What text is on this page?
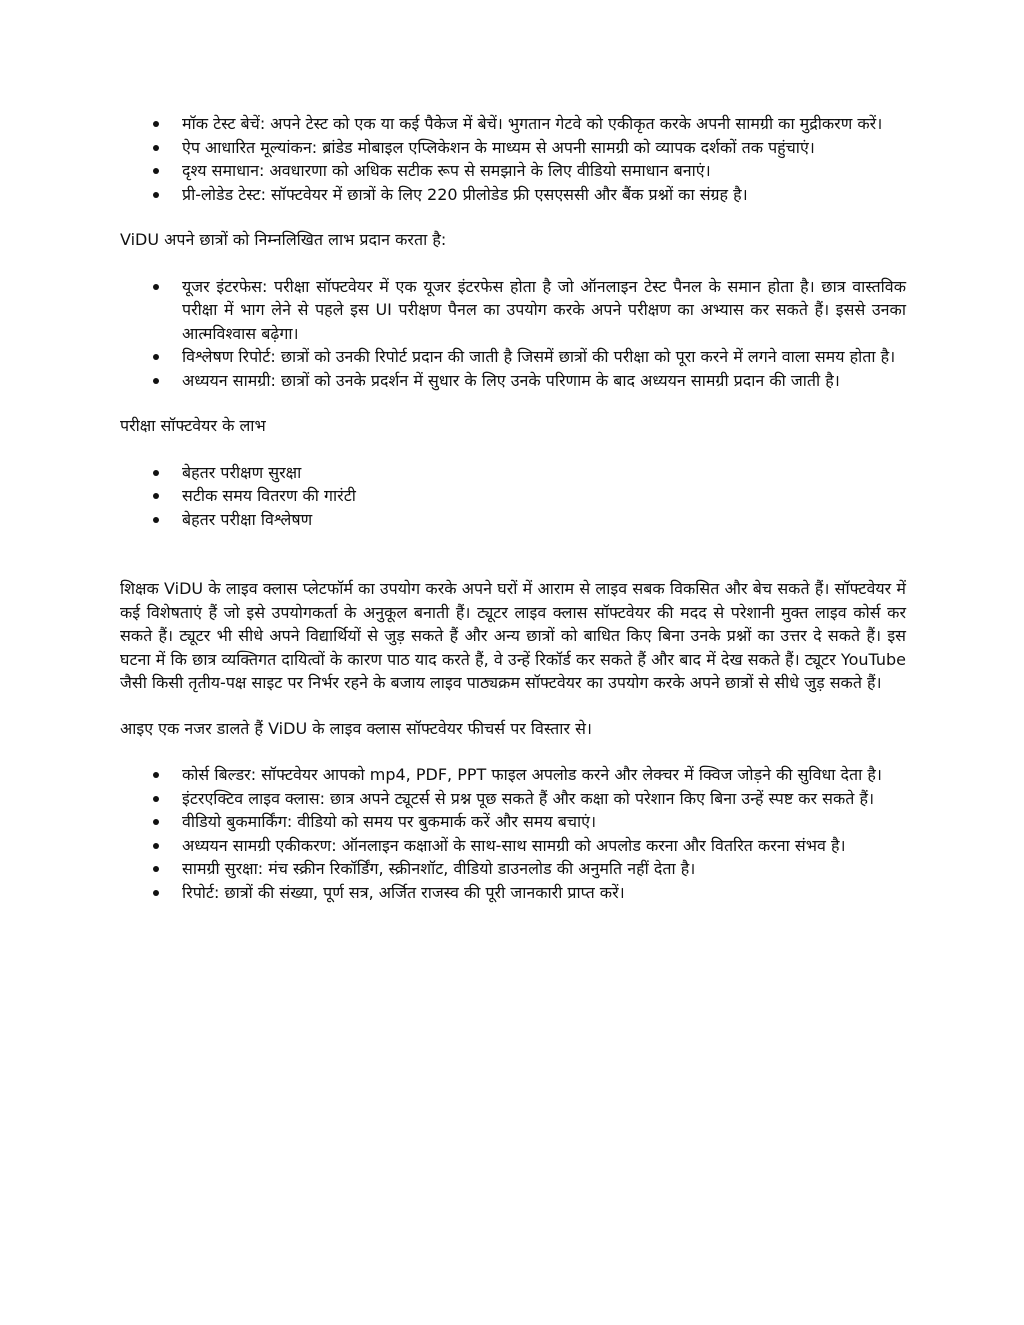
मॉक टेस्ट बेचें: अपने टेस्ट को एक या कई पैकेज में बेचें। भुगतान गेटवे को एकीकृत करके अपनी सामग्री का मुद्रीकरण करें।
ऐप आधारित मूल्यांकन: ब्रांडेड मोबाइल एप्लिकेशन के माध्यम से अपनी सामग्री को व्यापक दर्शकों तक पहुंचाएं।
दृश्य समाधान: अवधारणा को अधिक सटीक रूप से समझाने के लिए वीडियो समाधान बनाएं।
प्री-लोडेड टेस्ट: सॉफ्टवेयर में छात्रों के लिए 220 प्रीलोडेड फ्री एसएससी और बैंक प्रश्नों का संग्रह है।

ViDU अपने छात्रों को निम्नलिखित लाभ प्रदान करता है:

यूजर इंटरफेस: परीक्षा सॉफ्टवेयर में एक यूजर इंटरफेस होता है जो ऑनलाइन टेस्ट पैनल के समान होता है। छात्र वास्तविक परीक्षा में भाग लेने से पहले इस UI परीक्षण पैनल का उपयोग करके अपने परीक्षण का अभ्यास कर सकते हैं। इससे उनका आत्मविश्वास बढ़ेगा।
विश्लेषण रिपोर्ट: छात्रों को उनकी रिपोर्ट प्रदान की जाती है जिसमें छात्रों की परीक्षा को पूरा करने में लगने वाला समय होता है।
अध्ययन सामग्री: छात्रों को उनके प्रदर्शन में सुधार के लिए उनके परिणाम के बाद अध्ययन सामग्री प्रदान की जाती है।

परीक्षा सॉफ्टवेयर के लाभ

बेहतर परीक्षण सुरक्षा
सटीक समय वितरण की गारंटी
बेहतर परीक्षा विश्लेषण

शिक्षक ViDU के लाइव क्लास प्लेटफॉर्म का उपयोग करके अपने घरों में आराम से लाइव सबक विकसित और बेच सकते हैं। सॉफ्टवेयर में कई विशेषताएं हैं जो इसे उपयोगकर्ता के अनुकूल बनाती हैं। ट्यूटर लाइव क्लास सॉफ्टवेयर की मदद से परेशानी मुक्त लाइव कोर्स कर सकते हैं। ट्यूटर भी सीधे अपने विद्यार्थियों से जुड़ सकते हैं और अन्य छात्रों को बाधित किए बिना उनके प्रश्नों का उत्तर दे सकते हैं। इस घटना में कि छात्र व्यक्तिगत दायित्वों के कारण पाठ याद करते हैं, वे उन्हें रिकॉर्ड कर सकते हैं और बाद में देख सकते हैं। ट्यूटर YouTube जैसी किसी तृतीय-पक्ष साइट पर निर्भर रहने के बजाय लाइव पाठ्यक्रम सॉफ्टवेयर का उपयोग करके अपने छात्रों से सीधे जुड़ सकते हैं।

आइए एक नजर डालते हैं ViDU के लाइव क्लास सॉफ्टवेयर फीचर्स पर विस्तार से।

कोर्स बिल्डर: सॉफ्टवेयर आपको mp4, PDF, PPT फाइल अपलोड करने और लेक्चर में क्विज जोड़ने की सुविधा देता है।
इंटरएक्टिव लाइव क्लास: छात्र अपने ट्यूटर्स से प्रश्न पूछ सकते हैं और कक्षा को परेशान किए बिना उन्हें स्पष्ट कर सकते हैं।
वीडियो बुकमार्किंग: वीडियो को समय पर बुकमार्क करें और समय बचाएं।
अध्ययन सामग्री एकीकरण: ऑनलाइन कक्षाओं के साथ-साथ सामग्री को अपलोड करना और वितरित करना संभव है।
सामग्री सुरक्षा: मंच स्क्रीन रिकॉर्डिंग, स्क्रीनशॉट, वीडियो डाउनलोड की अनुमति नहीं देता है।
रिपोर्ट: छात्रों की संख्या, पूर्ण सत्र, अर्जित राजस्व की पूरी जानकारी प्राप्त करें।
